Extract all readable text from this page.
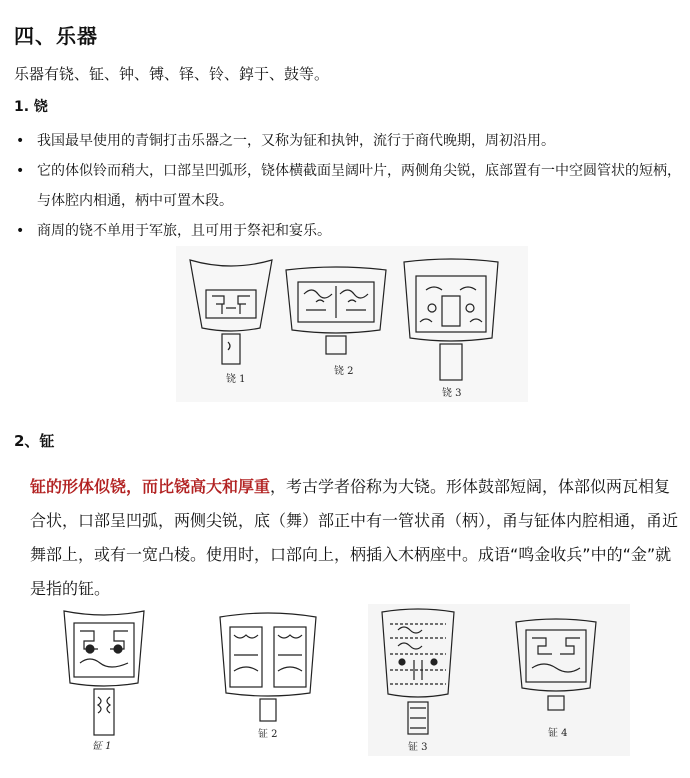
四、乐器
乐器有铙、钲、钟、镈、铎、铃、錞于、鼓等。
1. 铙
• 我国最早使用的青铜打击乐器之一，又称为钲和执钟，流行于商代晚期，周初沿用。
• 它的体似铃而稍大，口部呈凹弧形，铙体横截面呈阔叶片，两侧角尖锐，底部置有一中空圆管状的短柄，与体腔内相通，柄中可置木段。
• 商周的铙不单用于军旅，且可用于祭祀和宴乐。
铙 1
铙 2
铙 3
2、钲

钲的形体似铙，而比铙高大和厚重，考古学者俗称为大铙。形体鼓部短阔，体部似两瓦相复合状，口部呈凹弧，两侧尖锐，底（舞）部正中有一管状甬（柄），甬与钲体内腔相通，甬近舞部上，或有一宽凸棱。使用时，口部向上，柄插入木柄座中。成语“鸣金收兵”中的“金”就是指的钲。

钲 1
钲 2
钲 3
钲 4
